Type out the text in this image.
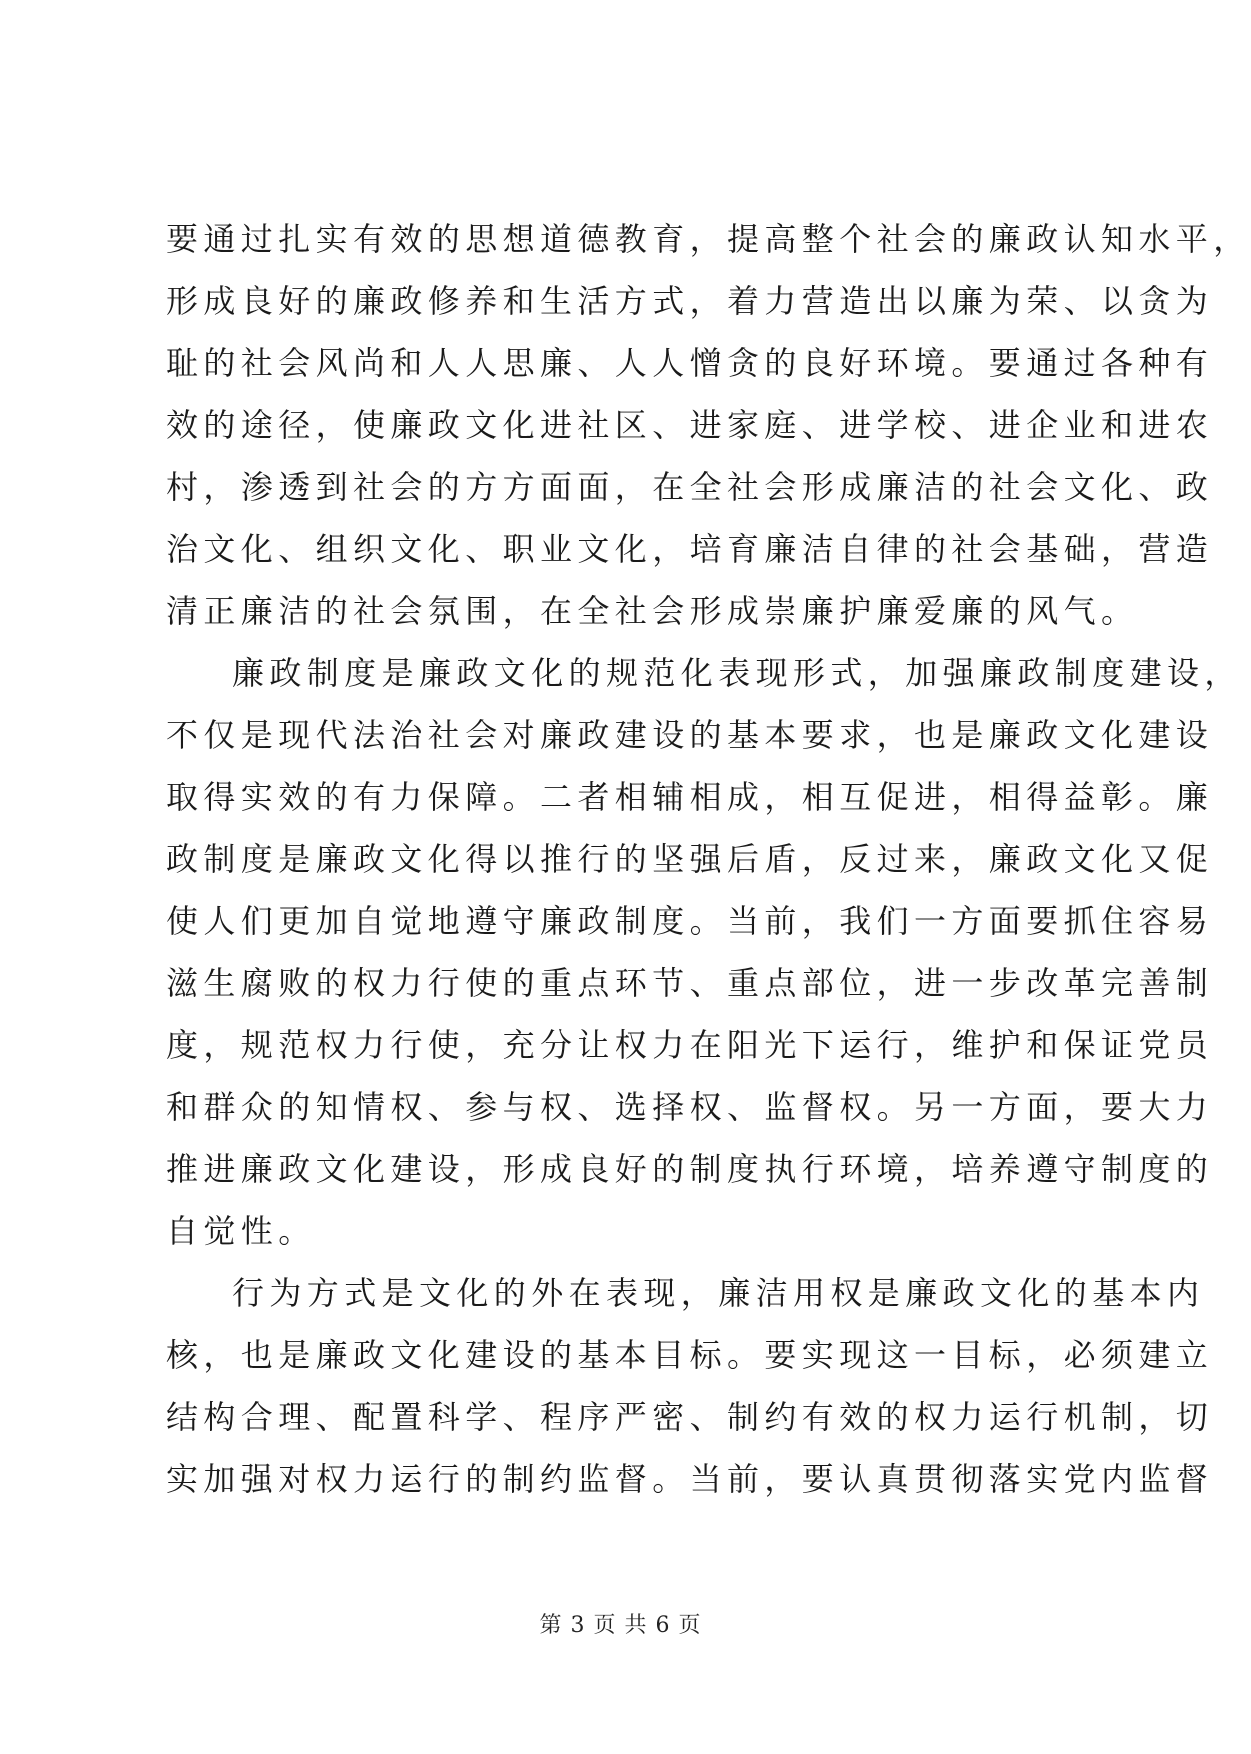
要通过扎实有效的思想道德教育，提高整个社会的廉政认知水平，
形成良好的廉政修养和生活方式，着力营造出以廉为荣、以贪为
耻的社会风尚和人人思廉、人人憎贪的良好环境。要通过各种有
效的途径，使廉政文化进社区、进家庭、进学校、进企业和进农
村，渗透到社会的方方面面，在全社会形成廉洁的社会文化、政
治文化、组织文化、职业文化，培育廉洁自律的社会基础，营造
清正廉洁的社会氛围，在全社会形成崇廉护廉爱廉的风气。
廉政制度是廉政文化的规范化表现形式，加强廉政制度建设，
不仅是现代法治社会对廉政建设的基本要求，也是廉政文化建设
取得实效的有力保障。二者相辅相成，相互促进，相得益彰。廉
政制度是廉政文化得以推行的坚强后盾，反过来，廉政文化又促
使人们更加自觉地遵守廉政制度。当前，我们一方面要抓住容易
滋生腐败的权力行使的重点环节、重点部位，进一步改革完善制
度，规范权力行使，充分让权力在阳光下运行，维护和保证党员
和群众的知情权、参与权、选择权、监督权。另一方面，要大力
推进廉政文化建设，形成良好的制度执行环境，培养遵守制度的
自觉性。
行为方式是文化的外在表现，廉洁用权是廉政文化的基本内
核，也是廉政文化建设的基本目标。要实现这一目标，必须建立
结构合理、配置科学、程序严密、制约有效的权力运行机制，切
实加强对权力运行的制约监督。当前，要认真贯彻落实党内监督
第 3 页 共 6 页
